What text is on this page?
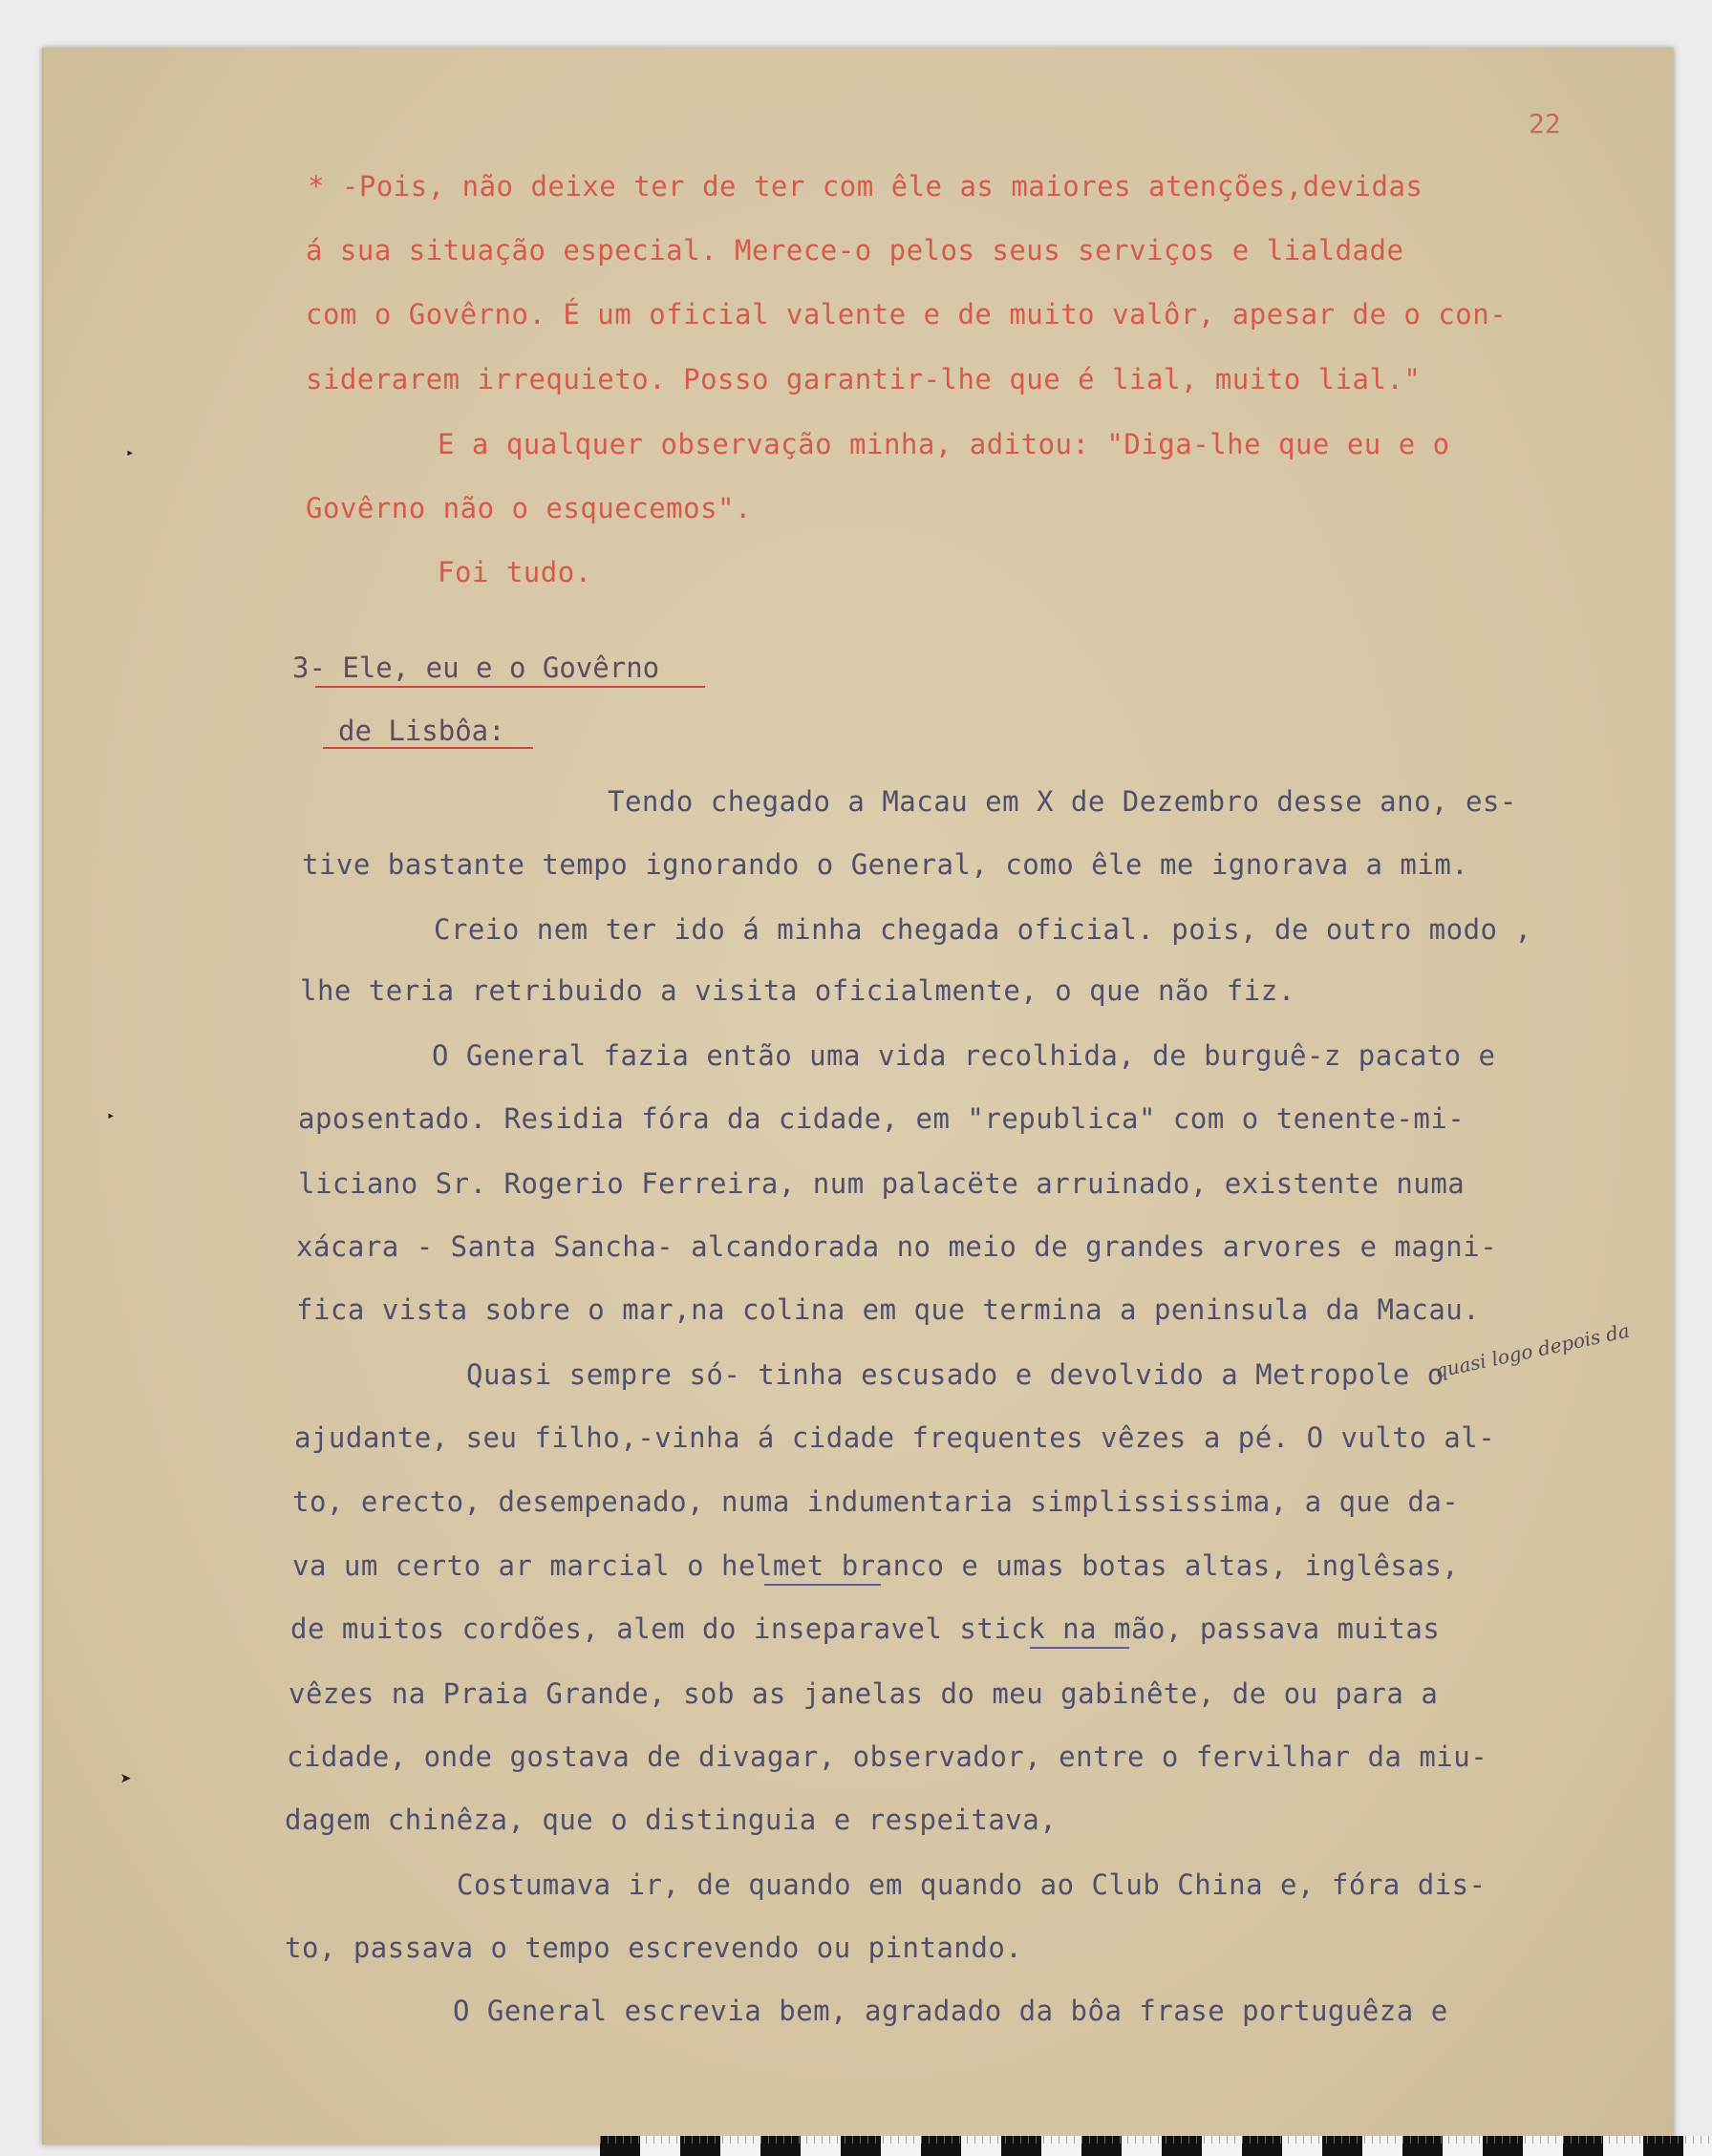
22
* -Pois, não deixe ter de ter com êle as maiores atenções,devidas
á sua situação especial. Merece-o pelos seus serviços e lialdade
com o Govêrno. É um oficial valente e de muito valôr, apesar de o con-
siderarem irrequieto. Posso garantir-lhe que é lial, muito lial."
E a qualquer observação minha, aditou: "Diga-lhe que eu e o
Govêrno não o esquecemos".
Foi tudo.
3- Ele, eu e o Govêrno
de Lisbôa:
Tendo chegado a Macau em X de Dezembro desse ano, es-
tive bastante tempo ignorando o General, como êle me ignorava a mim.
Creio nem ter ido á minha chegada oficial. pois, de outro modo ,
lhe teria retribuido a visita oficialmente, o que não fiz.
O General fazia então uma vida recolhida, de burguê-z pacato e
aposentado. Residia fóra da cidade, em "republica" com o tenente-mi-
liciano Sr. Rogerio Ferreira, num palacëte arruinado, existente numa
xácara - Santa Sancha- alcandorada no meio de grandes arvores e magni-
fica vista sobre o mar,na colina em que termina a peninsula da Macau.
Quasi sempre só- tinha escusado e devolvido a Metropole o
ajudante, seu filho,-vinha á cidade frequentes vêzes a pé. O vulto al-
to, erecto, desempenado, numa indumentaria simplississima, a que da-
va um certo ar marcial o helmet branco e umas botas altas, inglêsas,
de muitos cordões, alem do inseparavel stick na mão, passava muitas
vêzes na Praia Grande, sob as janelas do meu gabinête, de ou para a
cidade, onde gostava de divagar, observador, entre o fervilhar da miu-
dagem chinêza, que o distinguia e respeitava,
Costumava ir, de quando em quando ao Club China e, fóra dis-
to, passava o tempo escrevendo ou pintando.
O General escrevia bem, agradado da bôa frase portuguêza e
quasi logo depois da
▸
▸
➤
